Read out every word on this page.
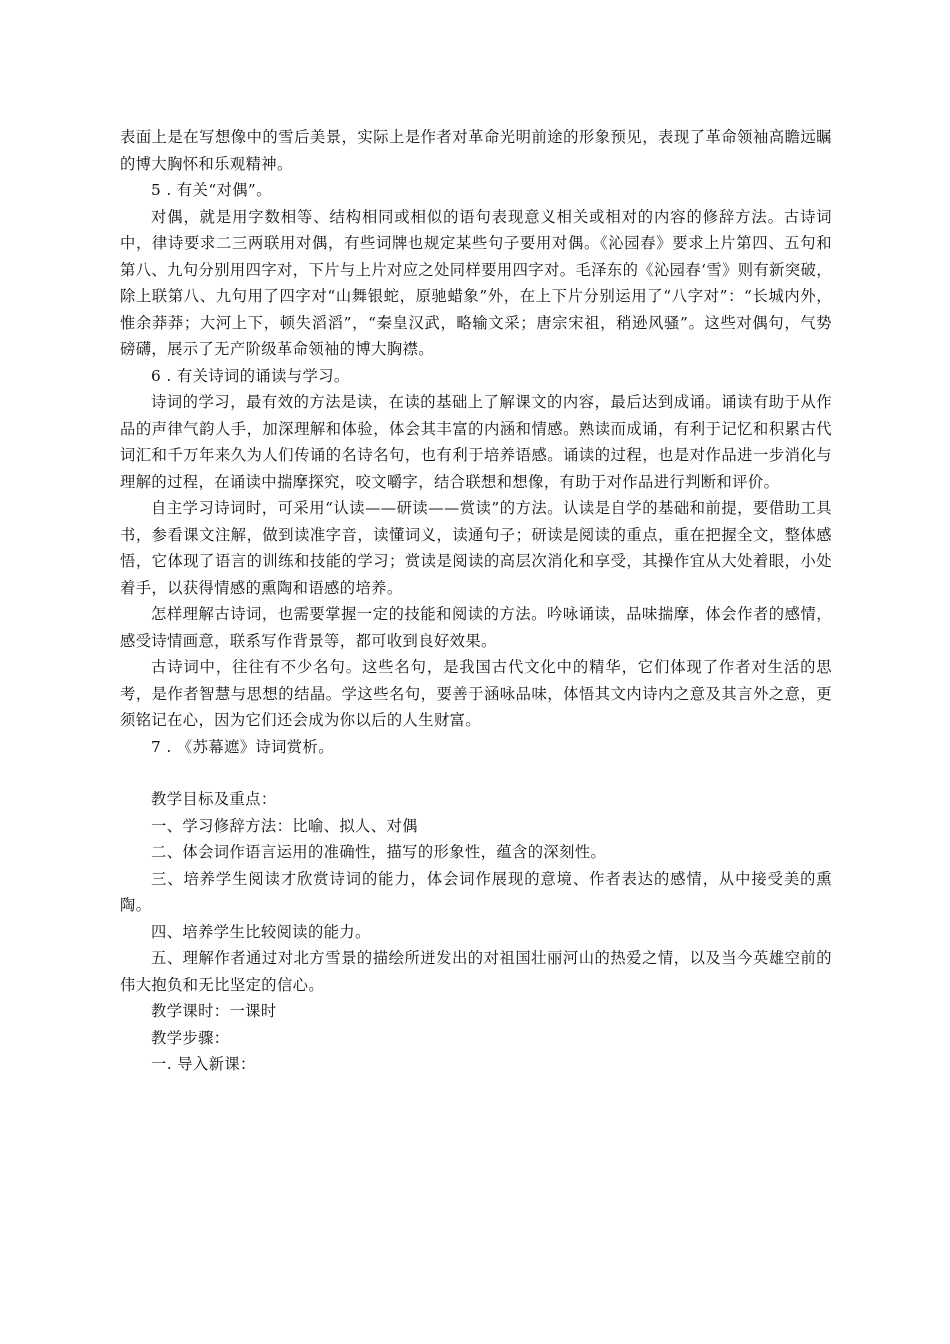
表面上是在写想像中的雪后美景，实际上是作者对革命光明前途的形象预见，表现了革命领袖高瞻远瞩的博大胸怀和乐观精神。

5 . 有关“对偶”。

对偶，就是用字数相等、结构相同或相似的语句表现意义相关或相对的内容的修辞方法。古诗词中，律诗要求二三两联用对偶，有些词牌也规定某些句子要用对偶。《沁园春》要求上片第四、五句和第八、九句分别用四字对，下片与上片对应之处同样要用四字对。毛泽东的《沁园春‘雪》则有新突破，除上联第八、九句用了四字对“山舞银蛇，原驰蜡象”外，在上下片分别运用了“八字对”：“长城内外，惟余莽莽；大河上下，顿失滔滔”，“秦皇汉武，略输文采；唐宗宋祖，稍逊风骚”。这些对偶句，气势磅礴，展示了无产阶级革命领袖的博大胸襟。

6 . 有关诗词的诵读与学习。

诗词的学习，最有效的方法是读，在读的基础上了解课文的内容，最后达到成诵。诵读有助于从作品的声律气韵人手，加深理解和体验，体会其丰富的内涵和情感。熟读而成诵，有利于记忆和积累古代词汇和千万年来久为人们传诵的名诗名句，也有利于培养语感。诵读的过程，也是对作品进一步消化与理解的过程，在诵读中揣摩探究，咬文嚼字，结合联想和想像，有助于对作品进行判断和评价。

自主学习诗词时，可采用“认读——研读——赏读”的方法。认读是自学的基础和前提，要借助工具书，参看课文注解，做到读准字音，读懂词义，读通句子；研读是阅读的重点，重在把握全文，整体感悟，它体现了语言的训练和技能的学习；赏读是阅读的高层次消化和享受，其操作宜从大处着眼，小处着手，以获得情感的熏陶和语感的培养。

怎样理解古诗词，也需要掌握一定的技能和阅读的方法。吟咏诵读，品味揣摩，体会作者的感情，感受诗情画意，联系写作背景等，都可收到良好效果。

古诗词中，往往有不少名句。这些名句，是我国古代文化中的精华，它们体现了作者对生活的思考，是作者智慧与思想的结晶。学这些名句，要善于涵咏品味，体悟其文内诗内之意及其言外之意，更须铭记在心，因为它们还会成为你以后的人生财富。

7 . 《苏幕遮》诗词赏析。

教学目标及重点：

一、学习修辞方法：比喻、拟人、对偶

二、体会词作语言运用的准确性，描写的形象性，蕴含的深刻性。

三、培养学生阅读才欣赏诗词的能力，体会词作展现的意境、作者表达的感情，从中接受美的熏陶。

四、培养学生比较阅读的能力。

五、理解作者通过对北方雪景的描绘所迸发出的对祖国壮丽河山的热爱之情，以及当今英雄空前的伟大抱负和无比坚定的信心。

教学课时：一课时

教学步骤：

一. 导入新课：
